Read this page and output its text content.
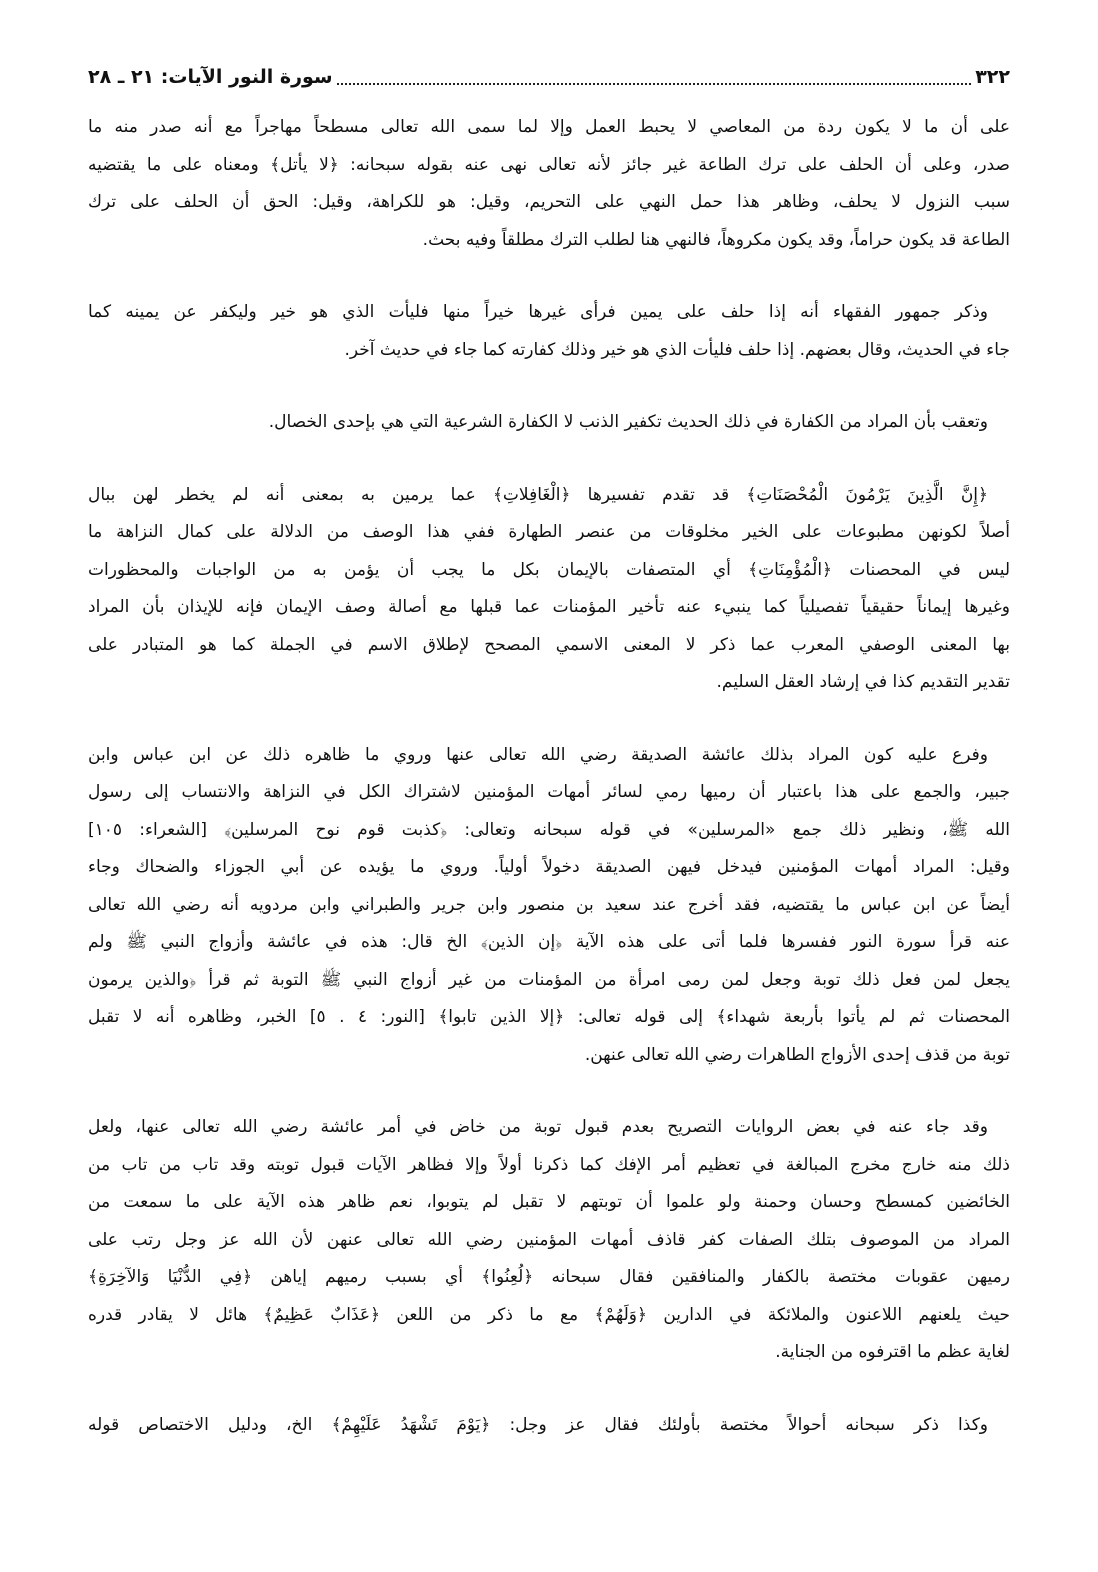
٣٢٢
سورة النور الآيات: ٢١ ـ ٢٨
على أن ما لا يكون ردة من المعاصي لا يحبط العمل وإلا لما سمى الله تعالى مسطحاً مهاجراً مع أنه صدر منه ما
صدر، وعلى أن الحلف على ترك الطاعة غير جائز لأنه تعالى نهى عنه بقوله سبحانه: ﴿لا يأتل﴾ ومعناه على ما يقتضيه
سبب النزول لا يحلف، وظاهر هذا حمل النهي على التحريم، وقيل: هو للكراهة، وقيل: الحق أن الحلف على ترك
الطاعة قد يكون حراماً، وقد يكون مكروهاً، فالنهي هنا لطلب الترك مطلقاً وفيه بحث.
وذكر جمهور الفقهاء أنه إذا حلف على يمين فرأى غيرها خيراً منها فليأت الذي هو خير وليكفر عن يمينه كما
جاء في الحديث، وقال بعضهم. إذا حلف فليأت الذي هو خير وذلك كفارته كما جاء في حديث آخر.
وتعقب بأن المراد من الكفارة في ذلك الحديث تكفير الذنب لا الكفارة الشرعية التي هي بإحدى الخصال.
﴿إِنَّ الَّذِينَ يَرْمُونَ الْمُحْصَنَاتِ﴾ قد تقدم تفسيرها ﴿الْغَافِلاتِ﴾ عما يرمين به بمعنى أنه لم يخطر لهن ببال
أصلاً لكونهن مطبوعات على الخير مخلوقات من عنصر الطهارة ففي هذا الوصف من الدلالة على كمال النزاهة ما
ليس في المحصنات ﴿الْمُؤْمِنَاتِ﴾ أي المتصفات بالإيمان بكل ما يجب أن يؤمن به من الواجبات والمحظورات
وغيرها إيماناً حقيقياً تفصيلياً كما ينبيء عنه تأخير المؤمنات عما قبلها مع أصالة وصف الإيمان فإنه للإيذان بأن المراد
بها المعنى الوصفي المعرب عما ذكر لا المعنى الاسمي المصحح لإطلاق الاسم في الجملة كما هو المتبادر على
تقدير التقديم كذا في إرشاد العقل السليم.
وفرع عليه كون المراد بذلك عائشة الصديقة رضي الله تعالى عنها وروي ما ظاهره ذلك عن ابن عباس وابن
جبير، والجمع على هذا باعتبار أن رميها رمي لسائر أمهات المؤمنين لاشتراك الكل في النزاهة والانتساب إلى رسول
الله ﷺ، ونظير ذلك جمع «المرسلين» في قوله سبحانه وتعالى: ﴿كذبت قوم نوح المرسلين﴾ [الشعراء: ١٠٥]
وقيل: المراد أمهات المؤمنين فيدخل فيهن الصديقة دخولاً أولياً. وروي ما يؤيده عن أبي الجوزاء والضحاك وجاء
أيضاً عن ابن عباس ما يقتضيه، فقد أخرج عند سعيد بن منصور وابن جرير والطبراني وابن مردويه أنه رضي الله تعالى
عنه قرأ سورة النور ففسرها فلما أتى على هذه الآية ﴿إن الذين﴾ الخ قال: هذه في عائشة وأزواج النبي ﷺ ولم
يجعل لمن فعل ذلك توبة وجعل لمن رمى امرأة من المؤمنات من غير أزواج النبي ﷺ التوبة ثم قرأ ﴿والذين يرمون
المحصنات ثم لم يأتوا بأربعة شهداء﴾ إلى قوله تعالى: ﴿إلا الذين تابوا﴾ [النور: ٤ . ٥] الخبر، وظاهره أنه لا تقبل
توبة من قذف إحدى الأزواج الطاهرات رضي الله تعالى عنهن.
وقد جاء عنه في بعض الروايات التصريح بعدم قبول توبة من خاض في أمر عائشة رضي الله تعالى عنها، ولعل
ذلك منه خارج مخرج المبالغة في تعظيم أمر الإفك كما ذكرنا أولاً وإلا فظاهر الآيات قبول توبته وقد تاب من تاب من
الخائضين كمسطح وحسان وحمنة ولو علموا أن توبتهم لا تقبل لم يتوبوا، نعم ظاهر هذه الآية على ما سمعت من
المراد من الموصوف بتلك الصفات كفر قاذف أمهات المؤمنين رضي الله تعالى عنهن لأن الله عز وجل رتب على
رميهن عقوبات مختصة بالكفار والمنافقين فقال سبحانه ﴿لُعِنُوا﴾ أي بسبب رميهم إياهن ﴿فِي الدُّنْيَا وَالآخِرَةِ﴾
حيث يلعنهم اللاعنون والملائكة في الدارين ﴿وَلَهُمْ﴾ مع ما ذكر من اللعن ﴿عَذَابٌ عَظِيمٌ﴾ هائل لا يقادر قدره
لغاية عظم ما اقترفوه من الجناية.
وكذا ذكر سبحانه أحوالاً مختصة بأولئك فقال عز وجل: ﴿يَوْمَ تَشْهَدُ عَلَيْهِمْ﴾ الخ، ودليل الاختصاص قوله
